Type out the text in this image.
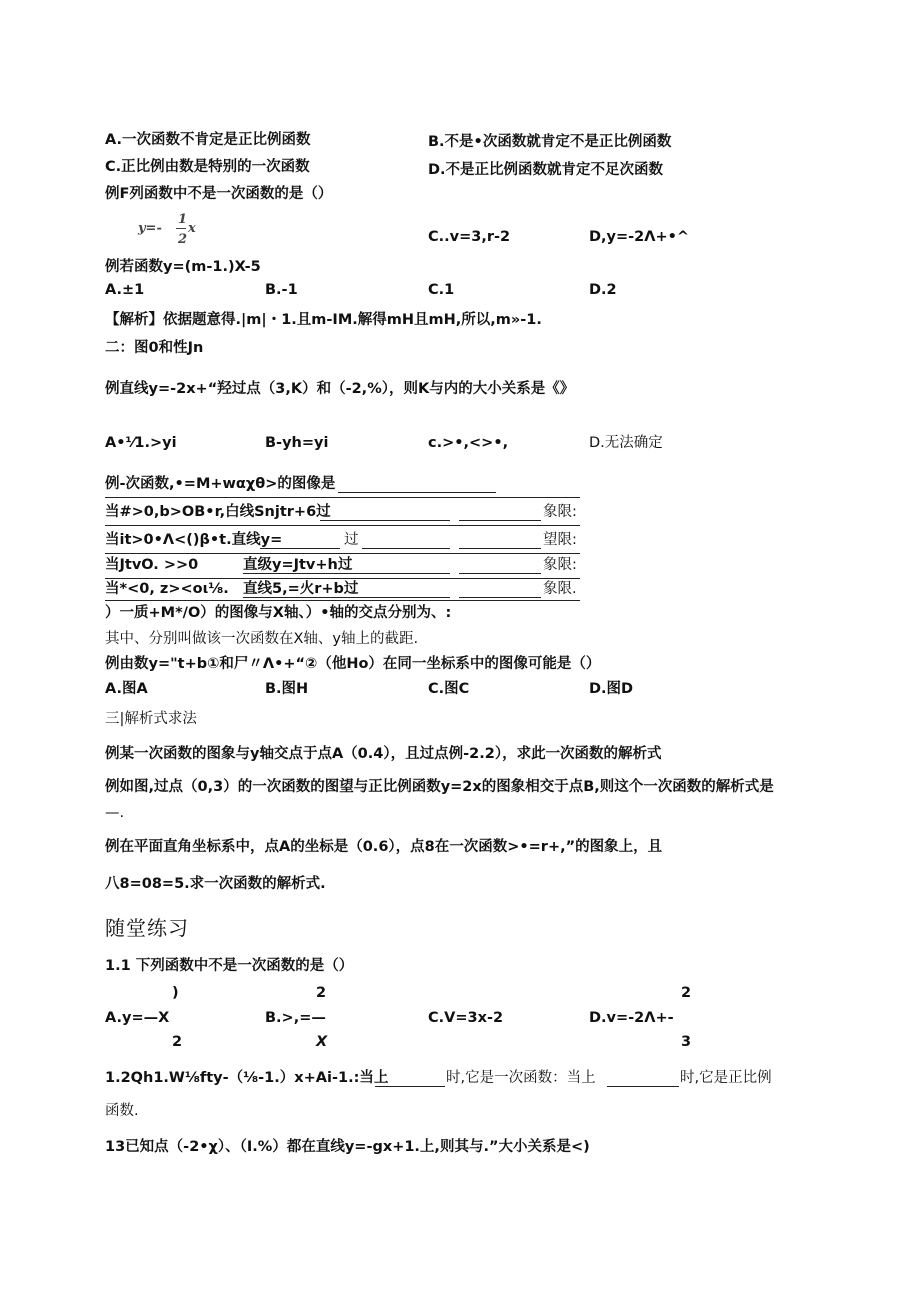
A.一次函数不肯定是正比例函数	B.不是•次函数就肯定不是正比例函数
C.正比例由数是特别的一次函数	D.不是正比例函数就肯定不足次函数
例F列函数中不是一次函数的是（）
y=-
1
2
x
C..v=3,r-2	D,y=-2Λ+•^
例若函数y=(m-1.)X-5
A.±1	B.-1	C.1	D.2
【解析】依据题意得.|m|・1.且m-IM.解得mH且mH,所以,m»-1.
二：图0和性Jn
例直线y=-2x+“羟过点（3,K）和（-2,%），则K与内的大小关系是《》
A•⅟1.>yi	B-yh=yi	c.>•,<>•,	D.无法确定
例-次函数,•=M+wαχθ>的图像是
当#>0,b>OB•r,白线Snjtr+6过	象限:
当it>0•Λ<()β•t.直线y=	过	望限:
当JtvO. >>0	直级y=Jtv+h过	象限:
当*<0, z><oι⅛. 直线5,=火r+b过	象限.
）一质+M*/O）的图像与X轴、）•轴的交点分别为、:
其中、分别叫做该一次函数在X轴、y轴上的截距.
例由数y="t+b①和尸〃Λ•+“②（他Ho）在同一坐标系中的图像可能是（）
A.图A	B.图H	C.图C	D.图D
三|解析式求法
例某一次函数的图象与y轴交点于点A（0.4），且过点例-2.2），求此一次函数的解析式
例如图,过点（0,3）的一次函数的图望与正比例函数y=2x的图象相交于点B,则这个一次函数的解析式是
—.
例在平面直角坐标系中，点A的坐标是（0.6），点8在一次函数>•=r+,”的图象上，且
八8=08=5.求一次函数的解析式.
随堂练习
1.1 下列函数中不是一次函数的是（）
)	2	2
A.y=—X	B.>,=—	C.V=3x-2	D.v=-2Λ+-
2	X	3
1.2Qh1.W⅛fty-（⅛-1.）x+Ai-1.:当上	时,它是一次函数：当上	时,它是正比例
函数.
13已知点（-2•χ）、（I.%）都在直线y=-gx+1.上,则其与.”大小关系是<)
